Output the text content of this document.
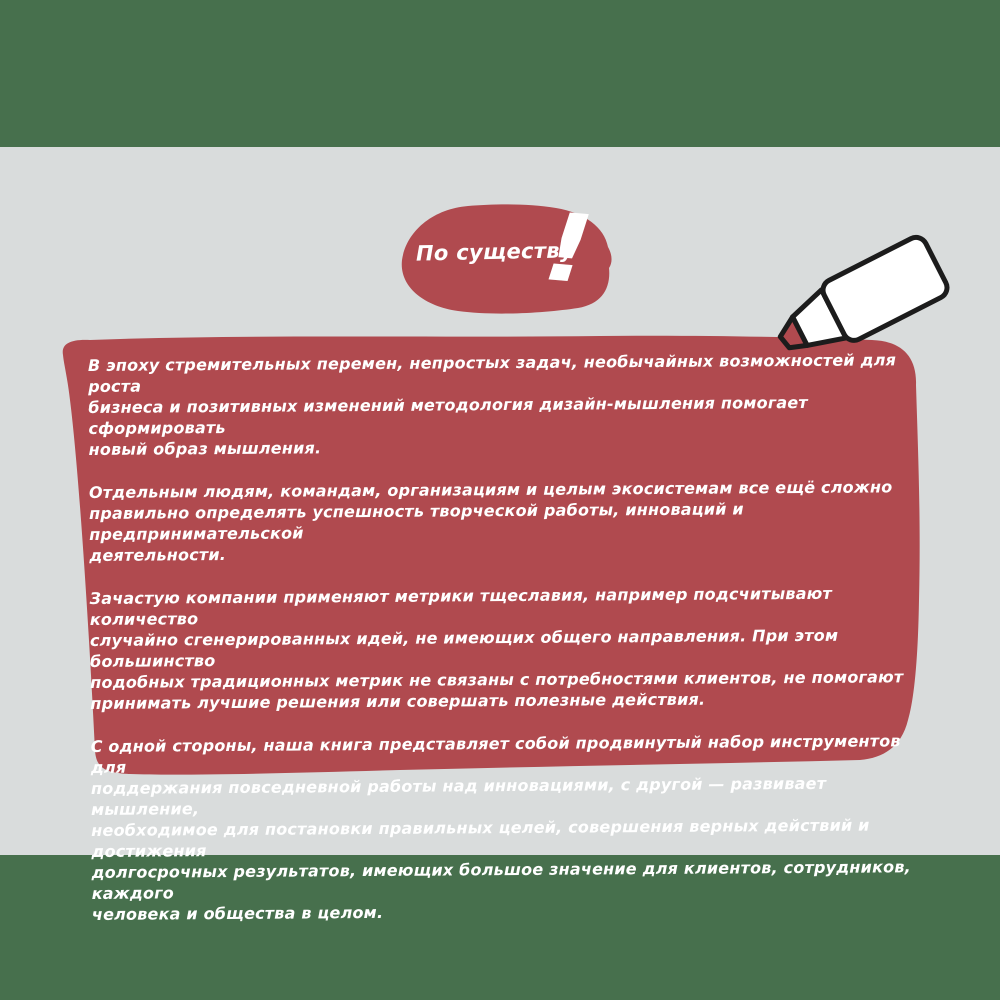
По существу
!

В эпоху стремительных перемен, непростых задач, необычайных возможностей для роста
бизнеса и позитивных изменений методология дизайн-мышления помогает сформировать
новый образ мышления.

Отдельным людям, командам, организациям и целым экосистемам все ещё сложно
правильно определять успешность творческой работы, инноваций и предпринимательской
деятельности.

Зачастую компании применяют метрики тщеславия, например подсчитывают количество
случайно сгенерированных идей, не имеющих общего направления. При этом большинство
подобных традиционных метрик не связаны с потребностями клиентов, не помогают
принимать лучшие решения или совершать полезные действия.

С одной стороны, наша книга представляет собой продвинутый набор инструментов для
поддержания повседневной работы над инновациями, с другой — развивает мышление,
необходимое для постановки правильных целей, совершения верных действий и достижения
долгосрочных результатов, имеющих большое значение для клиентов, сотрудников, каждого
человека и общества в целом.
